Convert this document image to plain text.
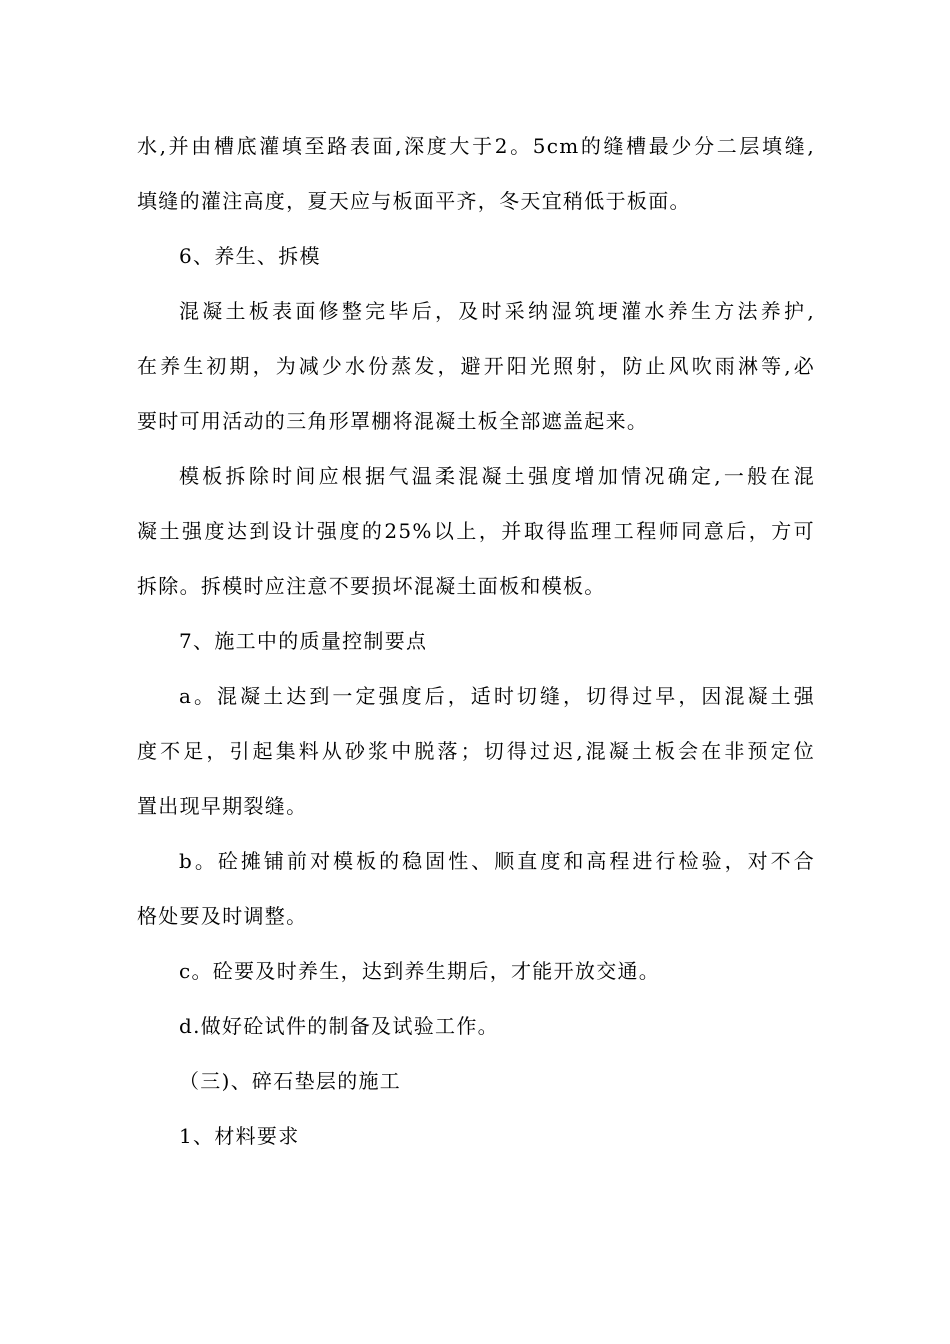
水,并由槽底灌填至路表面,深度大于2。5cm的缝槽最少分二层填缝,
填缝的灌注高度，夏天应与板面平齐，冬天宜稍低于板面。
6、养生、拆模
混凝土板表面修整完毕后，及时采纳湿筑埂灌水养生方法养护,
在养生初期，为减少水份蒸发，避开阳光照射，防止风吹雨淋等,必
要时可用活动的三角形罩棚将混凝土板全部遮盖起来。
模板拆除时间应根据气温柔混凝土强度增加情况确定,一般在混
凝土强度达到设计强度的25%以上，并取得监理工程师同意后，方可
拆除。拆模时应注意不要损坏混凝土面板和模板。
7、施工中的质量控制要点
a。混凝土达到一定强度后，适时切缝，切得过早，因混凝土强
度不足，引起集料从砂浆中脱落；切得过迟,混凝土板会在非预定位
置出现早期裂缝。
b。砼摊铺前对模板的稳固性、顺直度和高程进行检验，对不合
格处要及时调整。
c。砼要及时养生，达到养生期后，才能开放交通。
d.做好砼试件的制备及试验工作。
（三)、碎石垫层的施工
1、材料要求
